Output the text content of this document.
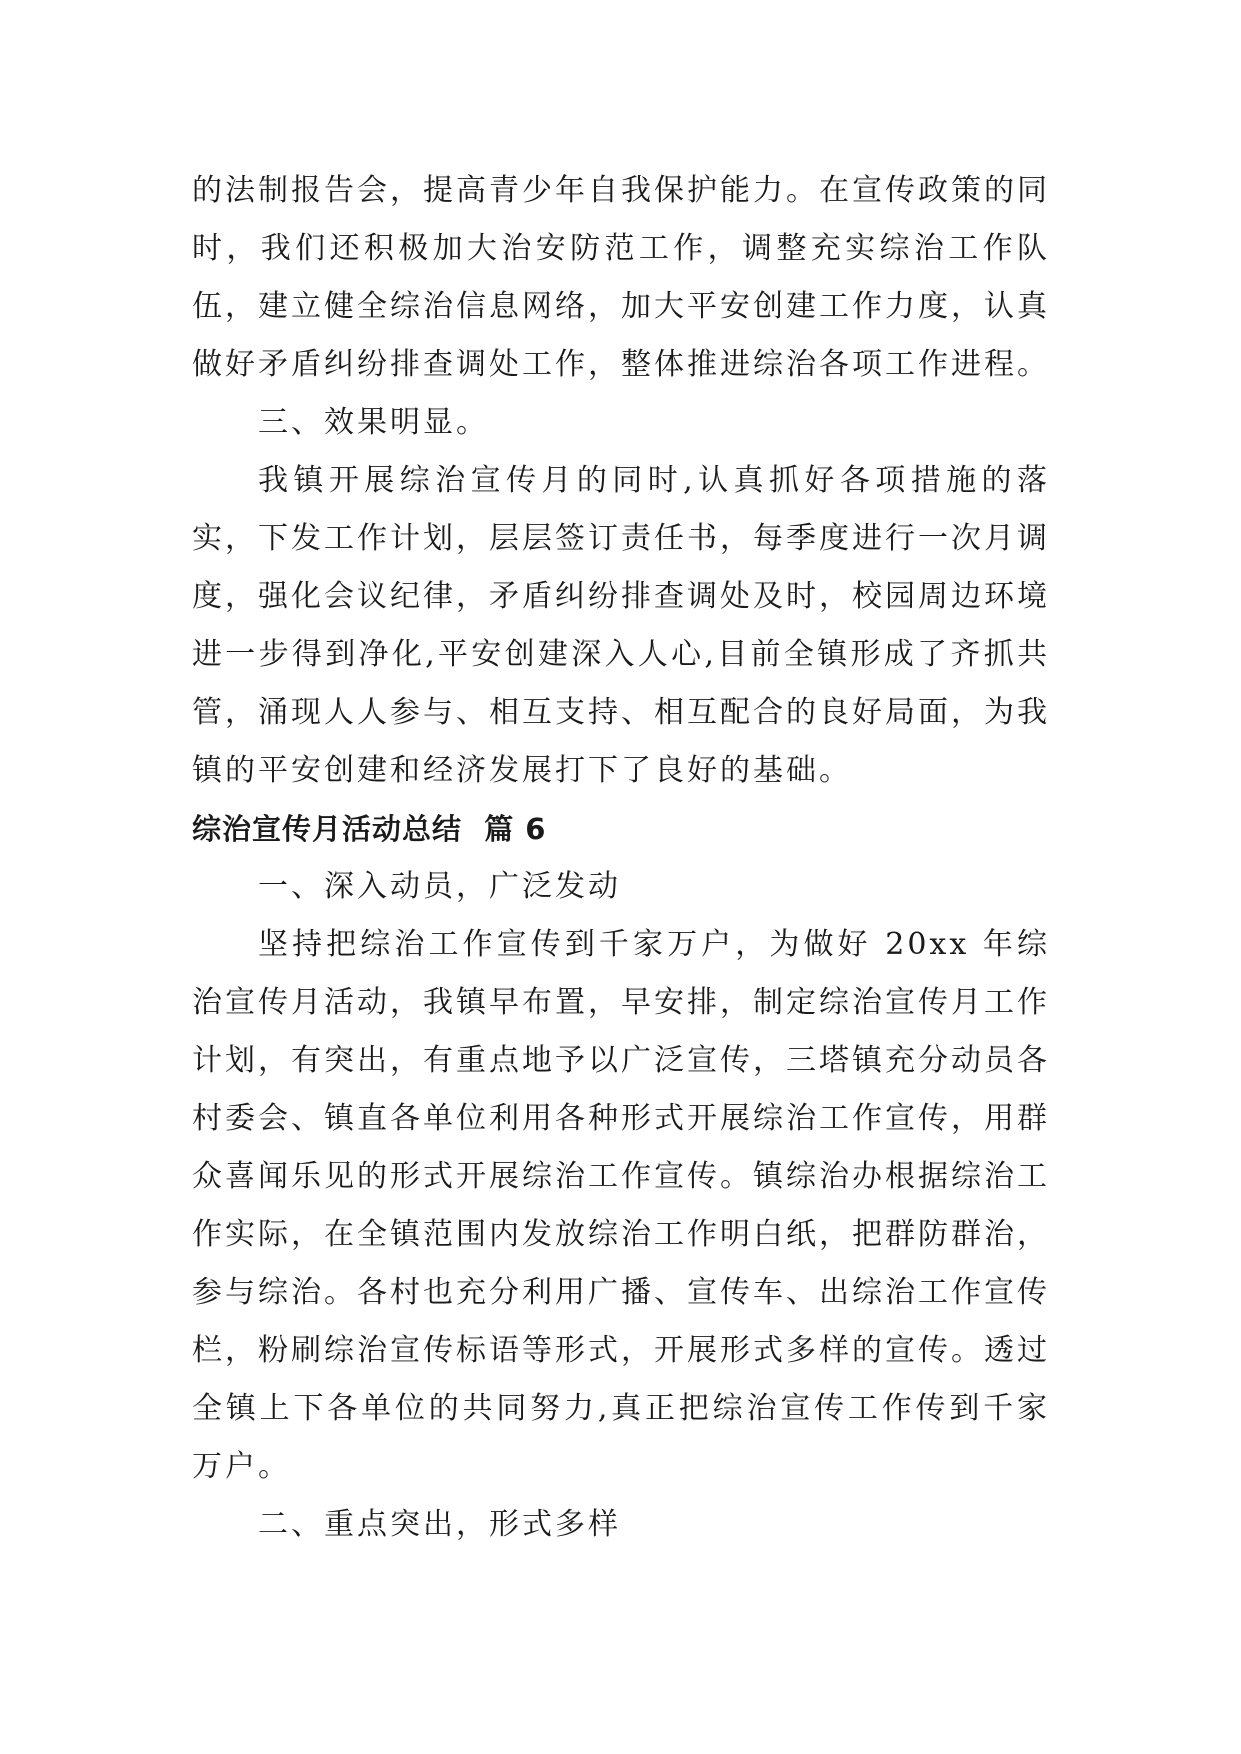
的法制报告会，提高青少年自我保护能力。在宣传政策的同时，我们还积极加大治安防范工作，调整充实综治工作队伍，建立健全综治信息网络，加大平安创建工作力度，认真做好矛盾纠纷排查调处工作，整体推进综治各项工作进程。

三、效果明显。

我镇开展综治宣传月的同时,认真抓好各项措施的落实，下发工作计划，层层签订责任书，每季度进行一次月调度，强化会议纪律，矛盾纠纷排查调处及时，校园周边环境进一步得到净化,平安创建深入人心,目前全镇形成了齐抓共管，涌现人人参与、相互支持、相互配合的良好局面，为我镇的平安创建和经济发展打下了良好的基础。

综治宣传月活动总结  篇 6

一、深入动员，广泛发动

坚持把综治工作宣传到千家万户，为做好 20xx 年综治宣传月活动，我镇早布置，早安排，制定综治宣传月工作计划，有突出，有重点地予以广泛宣传，三塔镇充分动员各村委会、镇直各单位利用各种形式开展综治工作宣传，用群众喜闻乐见的形式开展综治工作宣传。镇综治办根据综治工作实际，在全镇范围内发放综治工作明白纸，把群防群治，参与综治。各村也充分利用广播、宣传车、出综治工作宣传栏，粉刷综治宣传标语等形式，开展形式多样的宣传。透过全镇上下各单位的共同努力,真正把综治宣传工作传到千家万户。

二、重点突出，形式多样
